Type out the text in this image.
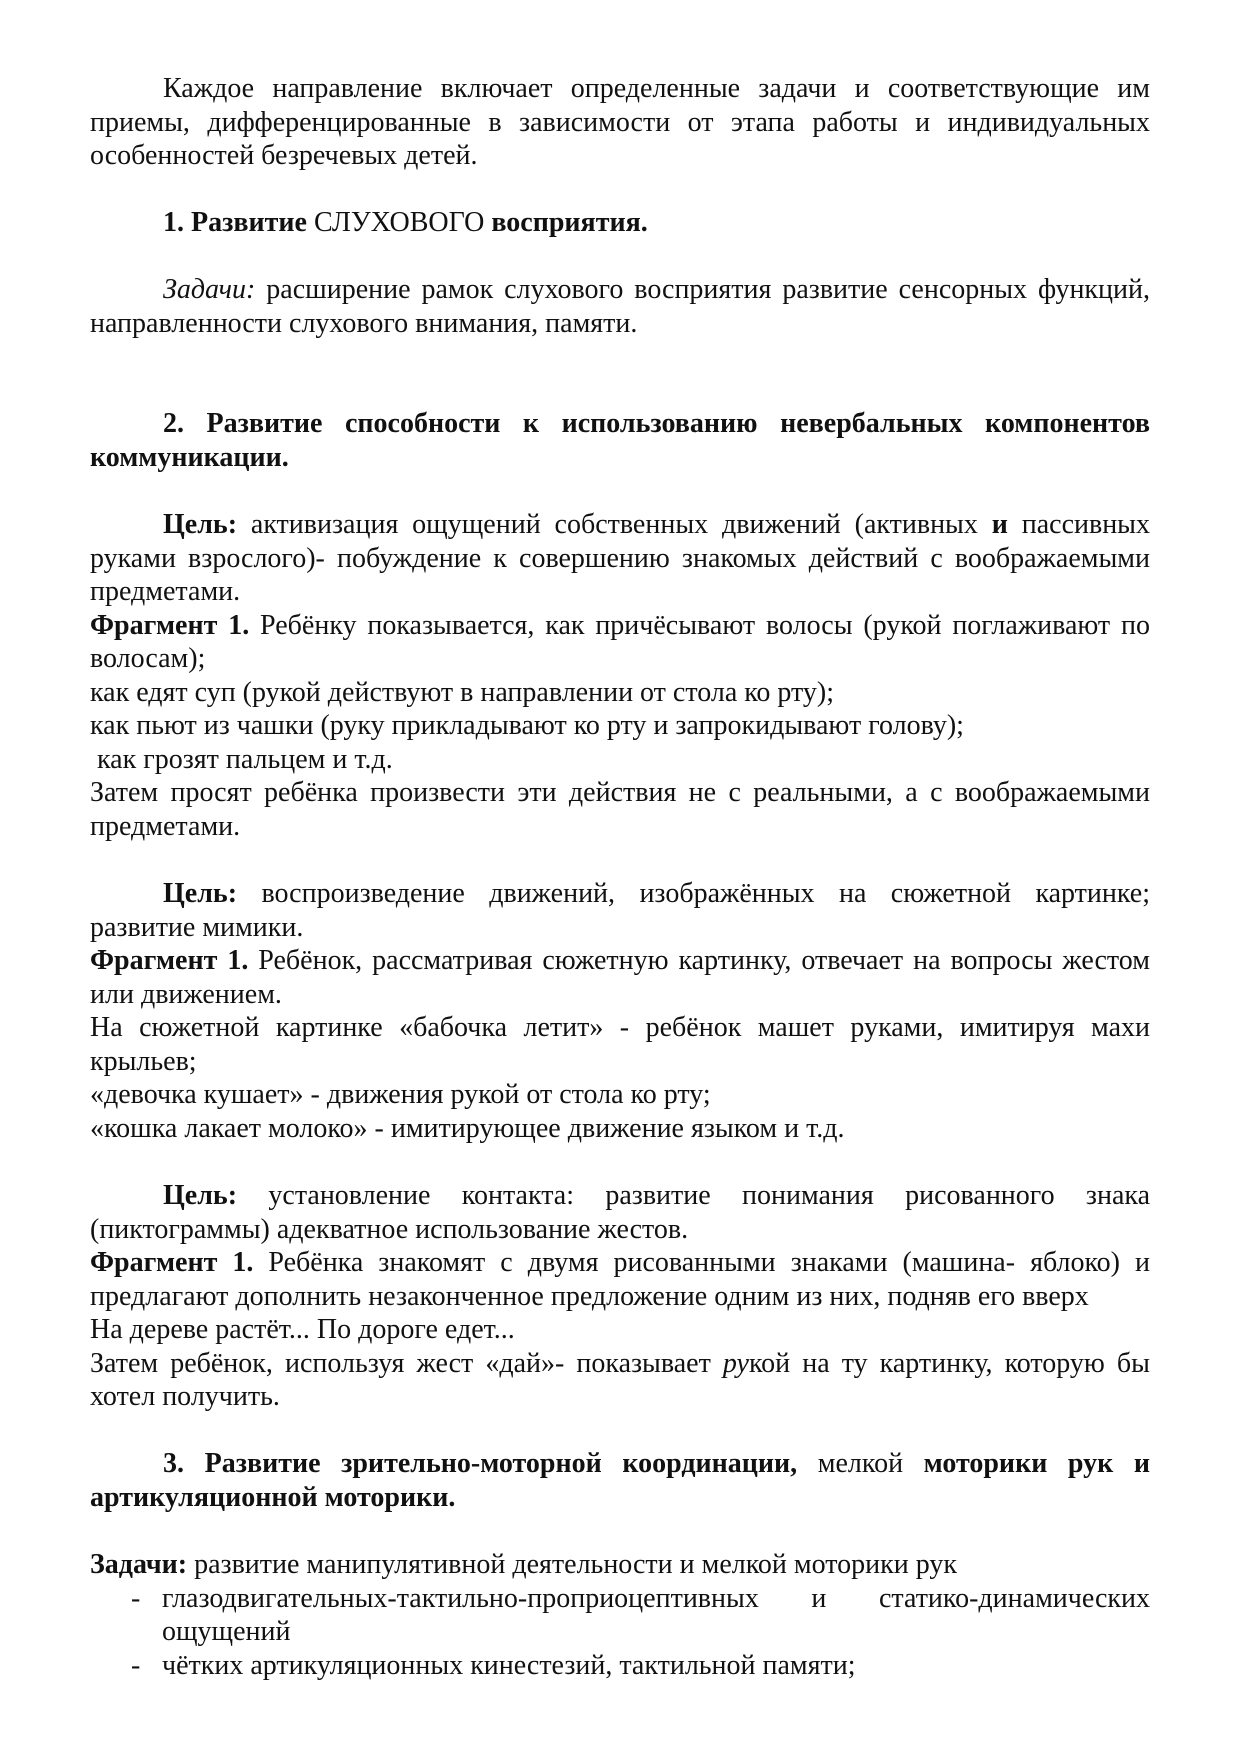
Каждое направление включает определенные задачи и соответствующие им приемы, дифференцированные в зависимости от этапа работы и индивидуальных особенностей безречевых детей.

1. Развитие СЛУХОВОГО восприятия.

Задачи: расширение рамок слухового восприятия развитие сенсорных функций, направленности слухового внимания, памяти.

2. Развитие способности к использованию невербальных компонентов коммуникации.

Цель: активизация ощущений собственных движений (активных и пассивных руками взрослого)- побуждение к совершению знакомых действий с воображаемыми предметами.

Фрагмент 1. Ребёнку показывается, как причёсывают волосы (рукой поглаживают по волосам);

как едят суп (рукой действуют в направлении от стола ко рту);

как пьют из чашки (руку прикладывают ко рту и запрокидывают голову);

как грозят пальцем и т.д.

Затем просят ребёнка произвести эти действия не с реальными, а с воображаемыми предметами.

Цель: воспроизведение движений, изображённых на сюжетной картинке; развитие мимики.

Фрагмент 1. Ребёнок, рассматривая сюжетную картинку, отвечает на вопросы жестом или движением.

На сюжетной картинке «бабочка летит» - ребёнок машет руками, имитируя махи крыльев;

«девочка кушает» - движения рукой от стола ко рту;

«кошка лакает молоко» - имитирующее движение языком и т.д.

Цель: установление контакта: развитие понимания рисованного знака (пиктограммы) адекватное использование жестов.

Фрагмент 1. Ребёнка знакомят с двумя рисованными знаками (машина- яблоко) и предлагают дополнить незаконченное предложение одним из них, подняв его вверх

На дереве растёт... По дороге едет...

Затем ребёнок, используя жест «дай»- показывает рукой на ту картинку, которую бы хотел получить.

3. Развитие зрительно-моторной координации, мелкой моторики рук и артикуляционной моторики.

Задачи: развитие манипулятивной деятельности и мелкой моторики рук

- глазодвигательных-тактильно-проприоцептивных и статико-динамических ощущений
- чётких артикуляционных кинестезий, тактильной памяти;
